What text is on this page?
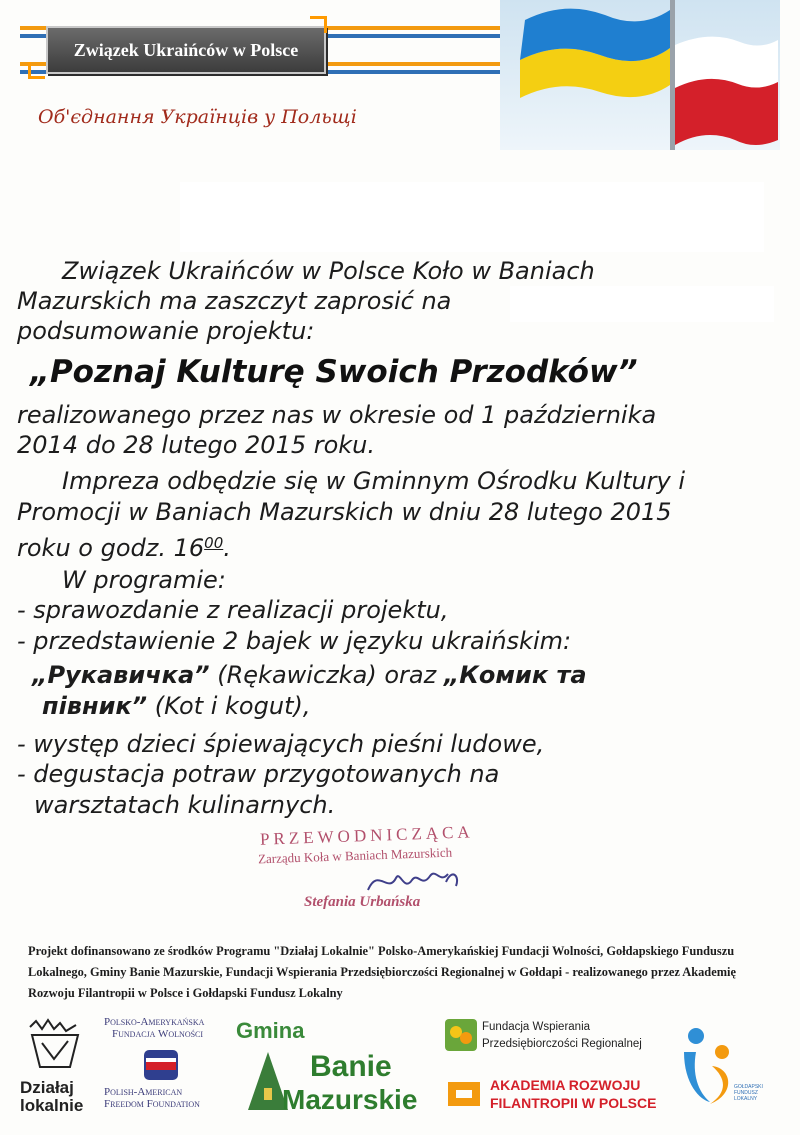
Związek Ukraińców w Polsce
Об'єднання Українців у Польщі
Związek Ukraińców w Polsce Koło w Baniach
Mazurskich ma zaszczyt zaprosić na
podsumowanie projektu:
„Poznaj Kulturę Swoich Przodków”
realizowanego przez nas w okresie od 1 października
2014 do 28 lutego 2015 roku.
Impreza odbędzie się w Gminnym Ośrodku Kultury i
Promocji w Baniach Mazurskich w dniu 28 lutego 2015
roku o godz. $16^{00}$.
W programie:
- sprawozdanie z realizacji projektu,
- przedstawienie 2 bajek w języku ukraińskim:
„Рукавичка” (Rękawiczka) oraz „Комик та
півник” (Kot i kogut),
- występ dzieci śpiewających pieśni ludowe,
- degustacja potraw przygotowanych na
warsztatach kulinarnych.
PRZEWODNICZĄCA
Zarządu Koła w Baniach Mazurskich
Stefania Urbańska
Projekt dofinansowano ze środków Programu "Działaj Lokalnie" Polsko-Amerykańskiej Fundacji Wolności, Gołdapskiego Funduszu Lokalnego, Gminy Banie Mazurskie, Fundacji Wspierania Przedsiębiorczości Regionalnej w Gołdapi - realizowanego przez Akademię Rozwoju Filantropii w Polsce i Gołdapski Fundusz Lokalny
Działaj
lokalnie
Polsko-Amerykańska
Fundacja Wolności
Polish-American
Freedom Foundation
Gmina
Banie
Mazurskie
Fundacja Wspierania
Przedsiębiorczości Regionalnej
AKADEMIA ROZWOJU
FILANTROPII W POLSCE
GOŁDAPSKI FUNDUSZ LOKALNY
